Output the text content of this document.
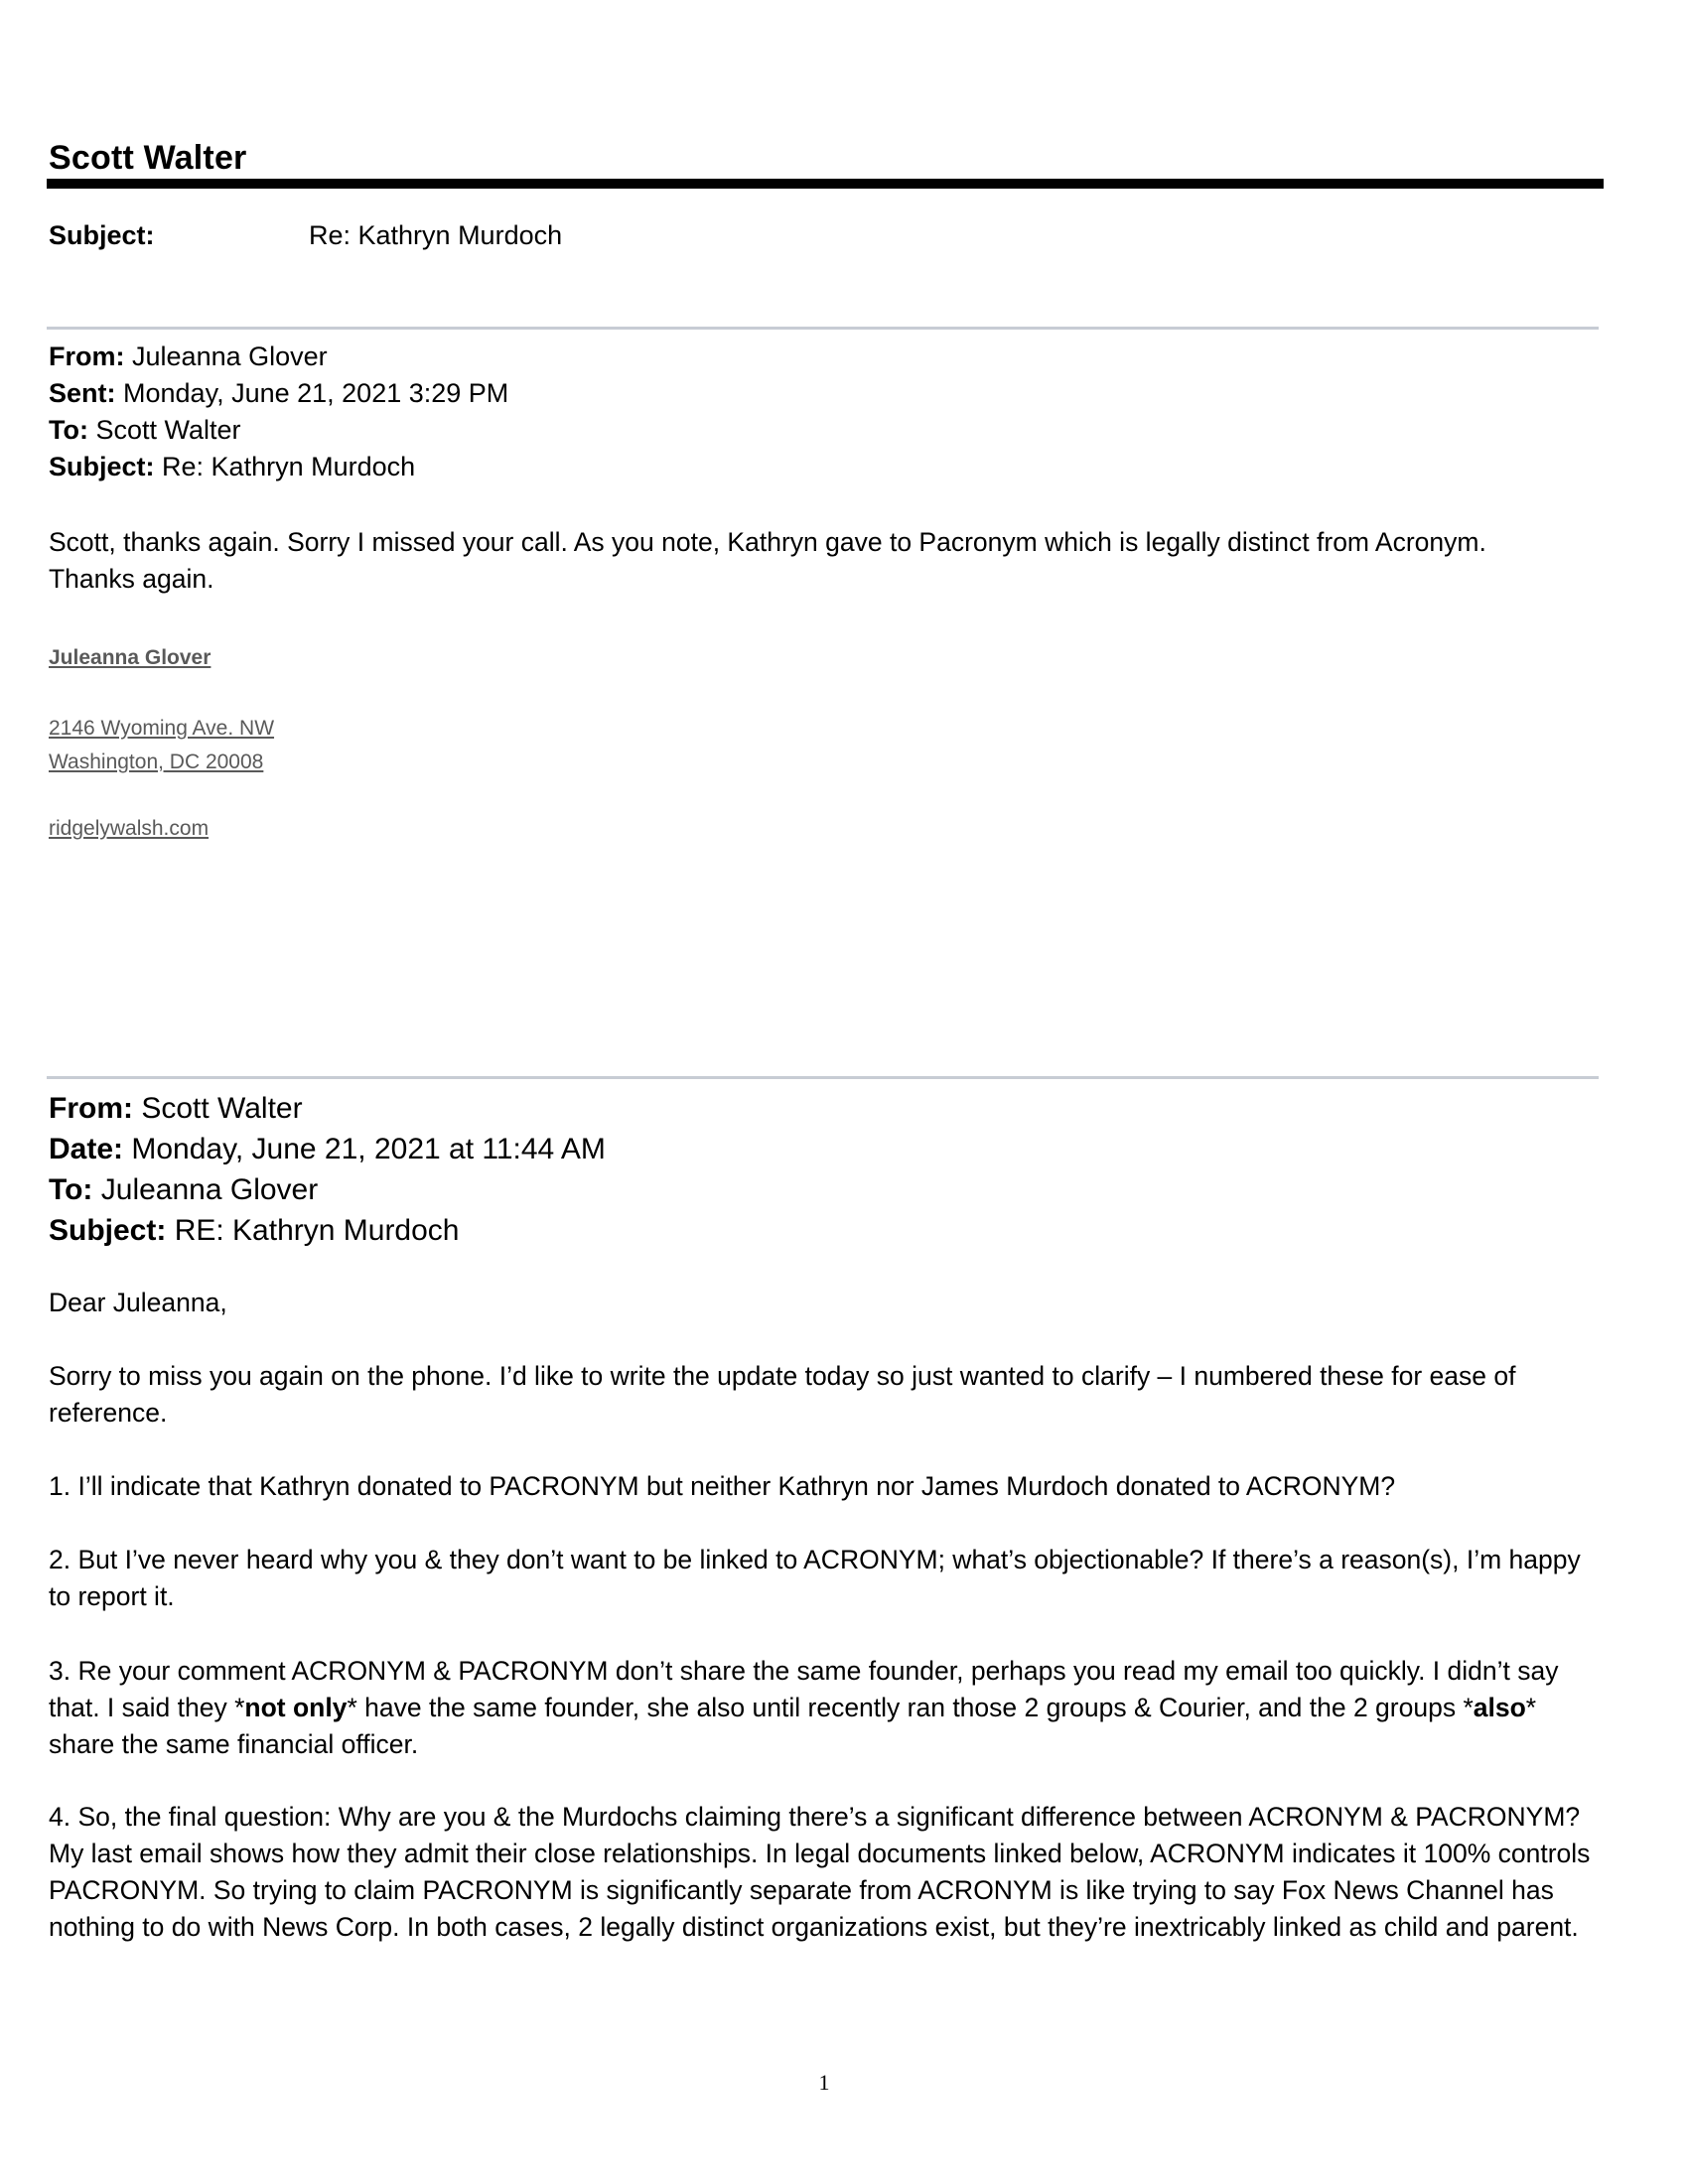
Scott Walter
Subject:	Re: Kathryn Murdoch
From: Juleanna Glover
Sent: Monday, June 21, 2021 3:29 PM
To: Scott Walter
Subject: Re: Kathryn Murdoch
Scott, thanks again. Sorry I missed your call. As you note, Kathryn gave to Pacronym which is legally distinct from Acronym.
Thanks again.
Juleanna Glover
2146 Wyoming Ave. NW
Washington, DC 20008
ridgelywalsh.com
From: Scott Walter
Date: Monday, June 21, 2021 at 11:44 AM
To: Juleanna Glover
Subject: RE: Kathryn Murdoch
Dear Juleanna,
Sorry to miss you again on the phone. I’d like to write the update today so just wanted to clarify – I numbered these for ease of reference.
1. I’ll indicate that Kathryn donated to PACRONYM but neither Kathryn nor James Murdoch donated to ACRONYM?
2. But I’ve never heard why you & they don’t want to be linked to ACRONYM; what’s objectionable? If there’s a reason(s), I’m happy to report it.
3. Re your comment ACRONYM & PACRONYM don’t share the same founder, perhaps you read my email too quickly. I didn’t say that. I said they *not only* have the same founder, she also until recently ran those 2 groups & Courier, and the 2 groups *also* share the same financial officer.
4. So, the final question: Why are you & the Murdochs claiming there’s a significant difference between ACRONYM & PACRONYM? My last email shows how they admit their close relationships. In legal documents linked below, ACRONYM indicates it 100% controls PACRONYM. So trying to claim PACRONYM is significantly separate from ACRONYM is like trying to say Fox News Channel has nothing to do with News Corp. In both cases, 2 legally distinct organizations exist, but they’re inextricably linked as child and parent.
1
